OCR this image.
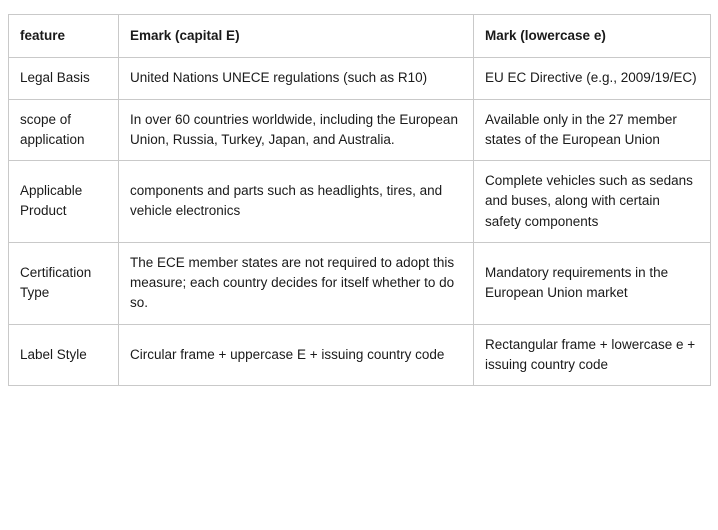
feature	Emark (capital E)	Mark (lowercase e)
Legal Basis	United Nations UNECE regulations (such as R10)	EU EC Directive (e.g., 2009/19/EC)
scope of application	In over 60 countries worldwide, including the European Union, Russia, Turkey, Japan, and Australia.	Available only in the 27 member states of the European Union
Applicable Product	components and parts such as headlights, tires, and vehicle electronics	Complete vehicles such as sedans and buses, along with certain safety components
Certification Type	The ECE member states are not required to adopt this measure; each country decides for itself whether to do so.	Mandatory requirements in the European Union market
Label Style	Circular frame + uppercase E + issuing country code	Rectangular frame + lowercase e + issuing country code
